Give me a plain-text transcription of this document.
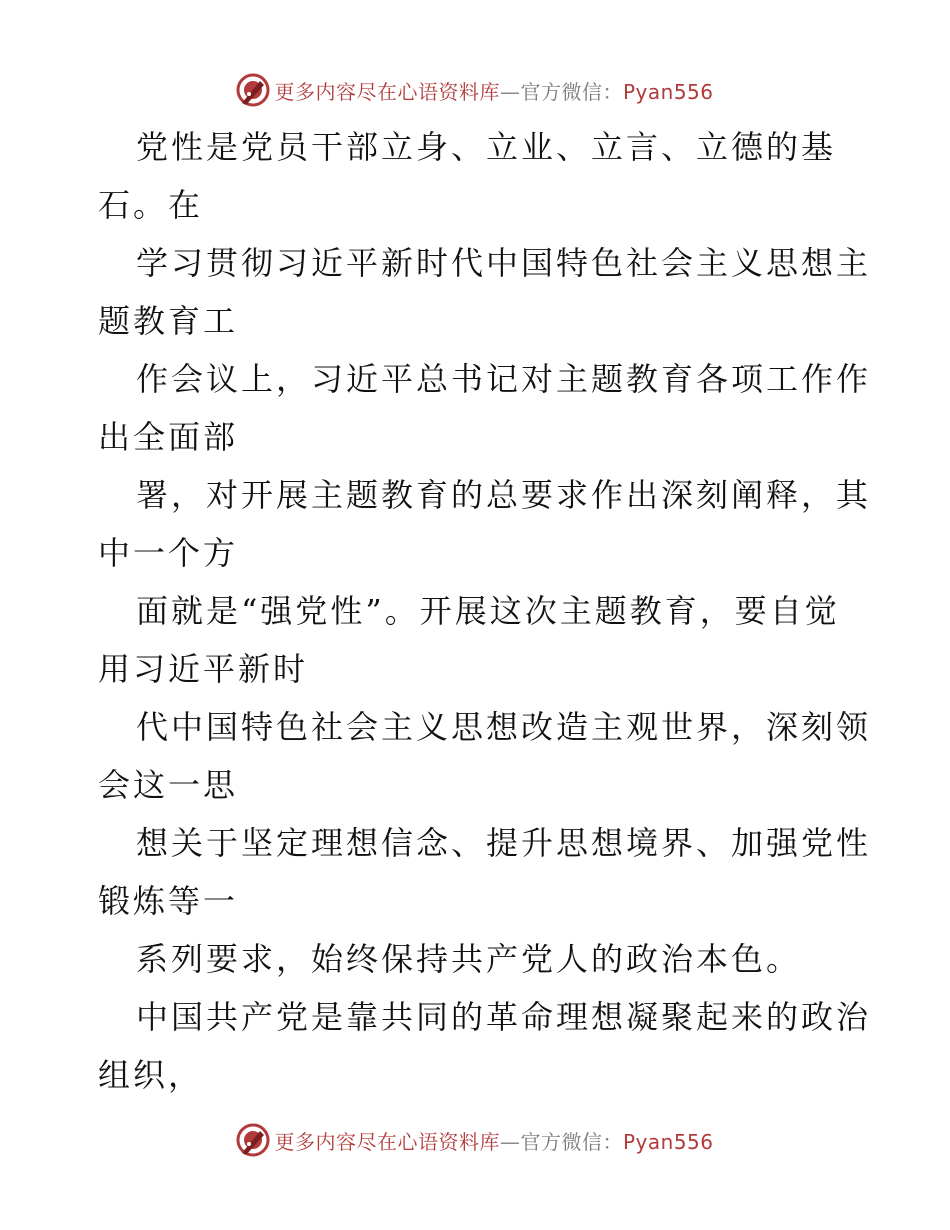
更多内容尽在心语资料库—官方微信：Pyan556
党性是党员干部立身、立业、立言、立德的基
石。在
学习贯彻习近平新时代中国特色社会主义思想主
题教育工
作会议上，习近平总书记对主题教育各项工作作
出全面部
署，对开展主题教育的总要求作出深刻阐释，其
中一个方
面就是“强党性”。开展这次主题教育，要自觉
用习近平新时
代中国特色社会主义思想改造主观世界，深刻领
会这一思
想关于坚定理想信念、提升思想境界、加强党性
锻炼等一
系列要求，始终保持共产党人的政治本色。
中国共产党是靠共同的革命理想凝聚起来的政治
组织，
更多内容尽在心语资料库—官方微信：Pyan556
